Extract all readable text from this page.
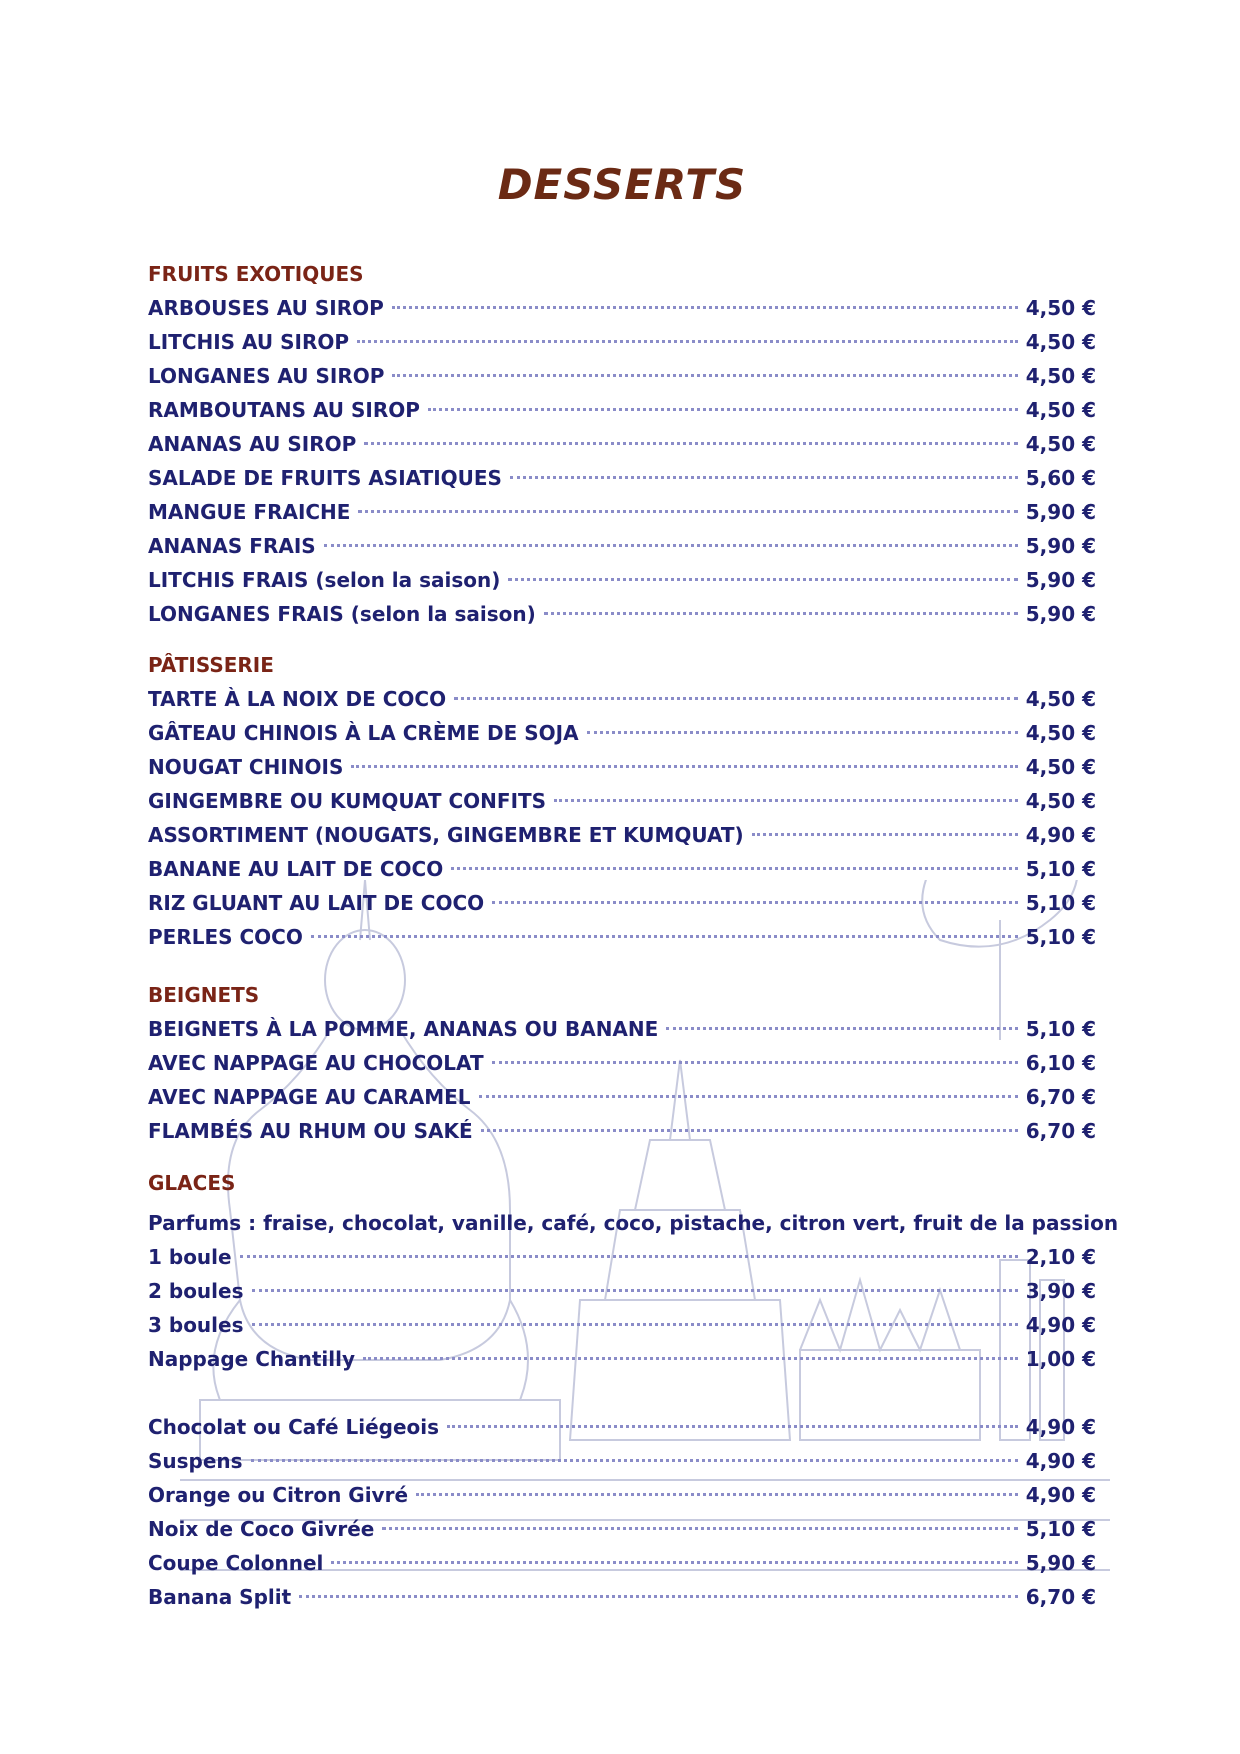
DESSERTS
FRUITS EXOTIQUES
ARBOUSES AU SIROP	4,50 €
LITCHIS AU SIROP	4,50 €
LONGANES AU SIROP	4,50 €
RAMBOUTANS AU SIROP	4,50 €
ANANAS AU SIROP	4,50 €
SALADE DE FRUITS ASIATIQUES	5,60 €
MANGUE FRAICHE	5,90 €
ANANAS FRAIS	5,90 €
LITCHIS FRAIS (selon la saison)	5,90 €
LONGANES FRAIS (selon la saison)	5,90 €
PÂTISSERIE
TARTE À LA NOIX DE COCO	4,50 €
GÂTEAU CHINOIS À LA CRÈME DE SOJA	4,50 €
NOUGAT CHINOIS	4,50 €
GINGEMBRE OU KUMQUAT CONFITS	4,50 €
ASSORTIMENT (NOUGATS, GINGEMBRE ET KUMQUAT)	4,90 €
BANANE AU LAIT DE COCO	5,10 €
RIZ GLUANT AU LAIT DE COCO	5,10 €
PERLES COCO	5,10 €
BEIGNETS
BEIGNETS À LA POMME, ANANAS OU BANANE	5,10 €
AVEC NAPPAGE AU CHOCOLAT	6,10 €
AVEC NAPPAGE AU CARAMEL	6,70 €
FLAMBÉS AU RHUM OU SAKÉ	6,70 €
GLACES
Parfums : fraise, chocolat, vanille, café, coco, pistache, citron vert, fruit de la passion
1 boule	2,10 €
2 boules	3,90 €
3 boules	4,90 €
Nappage Chantilly	1,00 €
Chocolat ou Café Liégeois	4,90 €
Suspens	4,90 €
Orange ou Citron Givré	4,90 €
Noix de Coco Givrée	5,10 €
Coupe Colonnel	5,90 €
Banana Split	6,70 €
